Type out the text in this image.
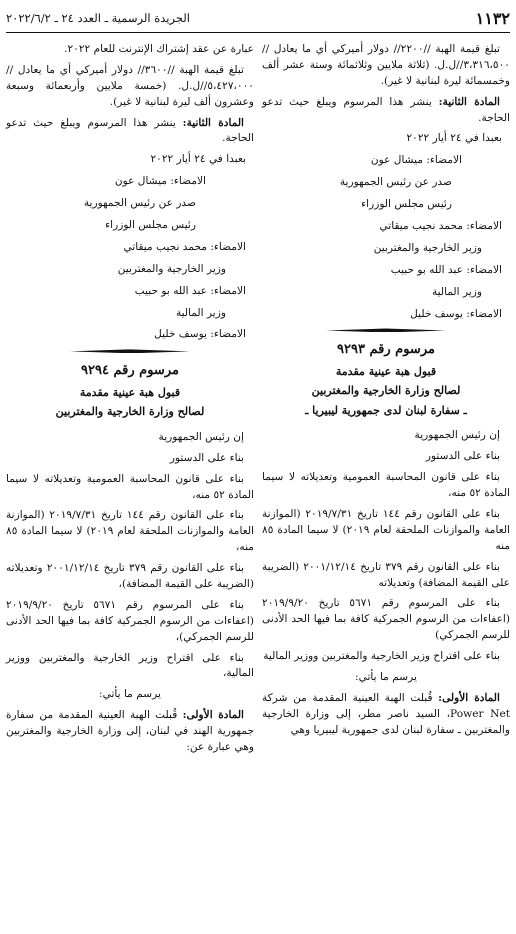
١١٣٢
الجريدة الرسمية ـ العدد ٢٤ ـ ٢٠٢٢/٦/٢

تبلغ قيمة الهبة //٢٢٠٠// دولار أميركي أي ما يعادل //٣،٣١٦،٥٠٠//ل.ل. (ثلاثة ملايين وثلاثمائة وستة عشر ألف وخمسمائة ليرة لبنانية لا غير).

المادة الثانية: ينشر هذا المرسوم ويبلغ حيث تدعو الحاجة.

بعبدا في ٢٤ أيار ٢٠٢٢

الامضاء: ميشال عون

صدر عن رئيس الجمهورية

رئيس مجلس الوزراء

الامضاء: محمد نجيب ميقاتي

وزير الخارجية والمغتربين

الامضاء: عبد الله بو حبيب

وزير المالية

الامضاء: يوسف خليل

مرسوم رقم ٩٢٩٣

قبول هبة عينية مقدمة

لصالح وزارة الخارجية والمغتربين

ـ سفارة لبنان لدى جمهورية ليبيريا ـ

إن رئيس الجمهورية

بناء على الدستور

بناء على قانون المحاسبة العمومية وتعديلاته لا سيما المادة ٥٢ منه،

بناء على القانون رقم ١٤٤ تاريخ ٢٠١٩/٧/٣١ (الموازنة العامة والموازنات الملحقة لعام ٢٠١٩) لا سيما المادة ٨٥ منه

بناء على القانون رقم ٣٧٩ تاريخ ٢٠٠١/١٢/١٤ (الضريبة على القيمة المضافة) وتعديلاته

بناء على المرسوم رقم ٥٦٧١ تاريخ ٢٠١٩/٩/٢٠ (اعفاءات من الرسوم الجمركية كافة بما فيها الحد الأدنى للرسم الجمركي)

بناء على اقتراح وزير الخارجية والمغتربين ووزير المالية

يرسم ما يأتي:

المادة الأولى: قُبلت الهبة العينية المقدمة من شركة Power Net، السيد ناصر مطر، إلى وزارة الخارجية والمغتربين ـ سفارة لبنان لدى جمهورية ليبيريا وهي

عبارة عن عقد إشتراك الإنترنت للعام ٢٠٢٢.

تبلغ قيمة الهبة //٣٦٠٠// دولار أميركي أي ما يعادل //٥،٤٢٧،٠٠٠//ل.ل. (خمسة ملايين وأربعمائة وسبعة وعشرون ألف ليرة لبنانية لا غير).

المادة الثانية: ينشر هذا المرسوم ويبلغ حيث تدعو الحاجة.

بعبدا في ٢٤ أيار ٢٠٢٢

الامضاء: ميشال عون

صدر عن رئيس الجمهورية

رئيس مجلس الوزراء

الامضاء: محمد نجيب ميقاتي

وزير الخارجية والمغتربين

الامضاء: عبد الله بو حبيب

وزير المالية

الامضاء: يوسف خليل

مرسوم رقم ٩٢٩٤

قبول هبة عينية مقدمة

لصالح وزارة الخارجية والمغتربين

إن رئيس الجمهورية

بناء على الدستور

بناء على قانون المحاسبة العمومية وتعديلاته لا سيما المادة ٥٢ منه،

بناء على القانون رقم ١٤٤ تاريخ ٢٠١٩/٧/٣١ (الموازنة العامة والموازنات الملحقة لعام ٢٠١٩) لا سيما المادة ٨٥ منه،

بناء على القانون رقم ٣٧٩ تاريخ ٢٠٠١/١٢/١٤ وتعديلاته (الضريبة على القيمة المضافة)،

بناء على المرسوم رقم ٥٦٧١ تاريخ ٢٠١٩/٩/٢٠ (اعفاءات من الرسوم الجمركية كافة بما فيها الحد الأدنى للرسم الجمركي)،

بناء على اقتراح وزير الخارجية والمغتربين ووزير المالية،

يرسم ما يأتي:

المادة الأولى: قُبلت الهبة العينية المقدمة من سفارة جمهورية الهند في لبنان، إلى وزارة الخارجية والمغتربين وهي عبارة عن:
